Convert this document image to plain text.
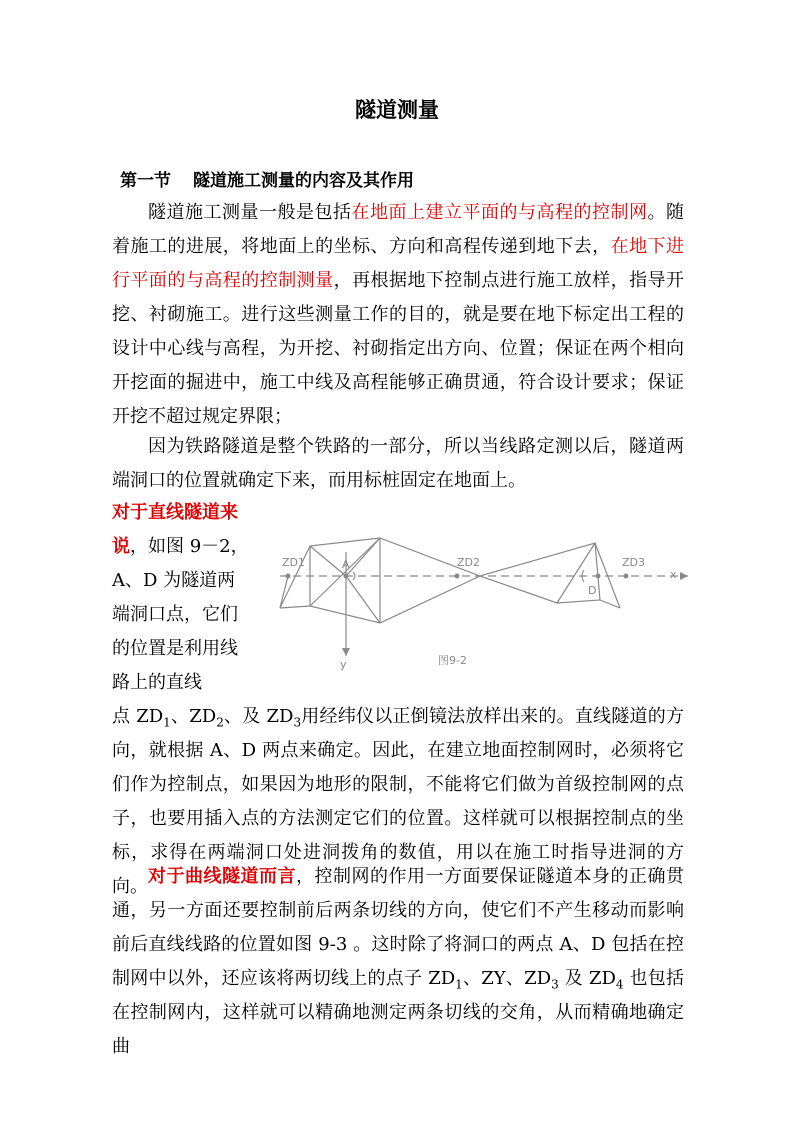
隧道测量
第一节 隧道施工测量的内容及其作用
隧道施工测量一般是包括在地面上建立平面的与高程的控制网。随着施工的进展，将地面上的坐标、方向和高程传递到地下去，在地下进行平面的与高程的控制测量，再根据地下控制点进行施工放样，指导开挖、衬砌施工。进行这些测量工作的目的，就是要在地下标定出工程的设计中心线与高程，为开挖、衬砌指定出方向、位置；保证在两个相向开挖面的掘进中，施工中线及高程能够正确贯通，符合设计要求；保证开挖不超过规定界限；
因为铁路隧道是整个铁路的一部分，所以当线路定测以后，隧道两端洞口的位置就确定下来，而用标桩固定在地面上。
对于直线隧道来说，如图 9－2，A、D 为隧道两端洞口点，它们的位置是利用线路上的直线
ZD1	A	ZD2
D
ZD3
x
y	图9-2
点 $ZD_1$、$ZD_2$、及 $ZD_3$用经纬仪以正倒镜法放样出来的。直线隧道的方向，就根据 A、D 两点来确定。因此，在建立地面控制网时，必须将它们作为控制点，如果因为地形的限制，不能将它们做为首级控制网的点子，也要用插入点的方法测定它们的位置。这样就可以根据控制点的坐标，求得在两端洞口处进洞拨角的数值，用以在施工时指导进洞的方向。 对于曲线隧道而言，控制网的作用一方面要保证隧道本身的正确贯通，另一方面还要控制前后两条切线的方向，使它们不产生移动而影响前后直线线路的位置如图 9-3 。这时除了将洞口的两点 A、D 包括在控制网中以外，还应该将两切线上的点子 $ZD_1$、ZY、$ZD_3$ 及 $ZD_4$ 也包括在控制网内，这样就可以精确地测定两条切线的交角，从而精确地确定曲
